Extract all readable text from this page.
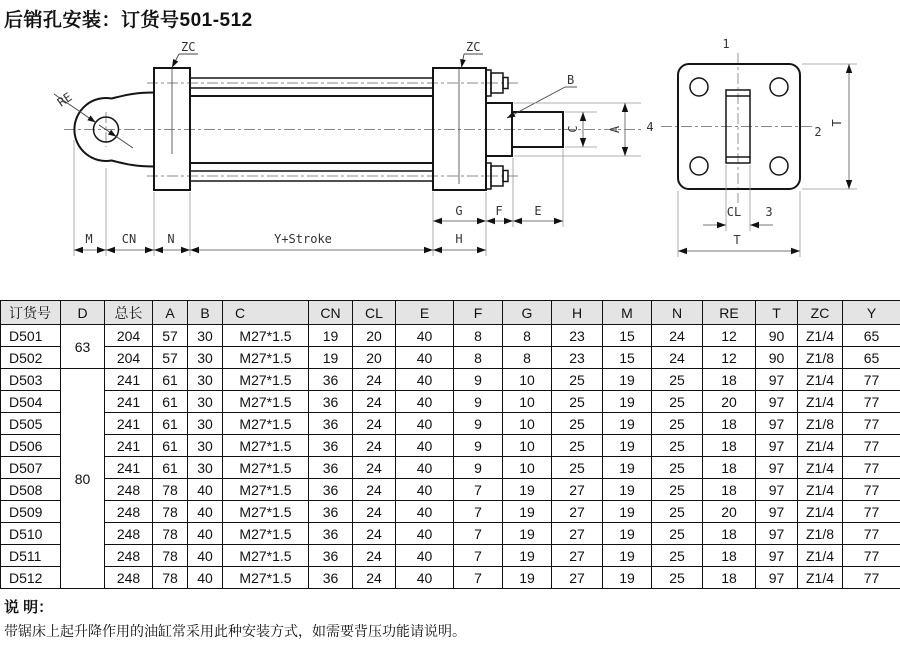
后销孔安装：订货号501-512
RE
ZC	ZC
B
G	F	E
M CN	N	Y+Stroke	H
C A
1
4	2
T
CL 3
T
订货号	D	总长	A	B	C	CN	CL	E	F	G	H	M	N	RE	T	ZC	Y
D501	63	204	57	30	M27*1.5	19	20	40	8	8	23	15	24	12	90	Z1/4	65
D502		204	57	30	M27*1.5	19	20	40	8	8	23	15	24	12	90	Z1/8	65
D503	80	241	61	30	M27*1.5	36	24	40	9	10	25	19	25	18	97	Z1/4	77
D504		241	61	30	M27*1.5	36	24	40	9	10	25	19	25	20	97	Z1/4	77
D505		241	61	30	M27*1.5	36	24	40	9	10	25	19	25	18	97	Z1/8	77
D506		241	61	30	M27*1.5	36	24	40	9	10	25	19	25	18	97	Z1/4	77
D507		241	61	30	M27*1.5	36	24	40	9	10	25	19	25	18	97	Z1/4	77
D508		248	78	40	M27*1.5	36	24	40	7	19	27	19	25	18	97	Z1/4	77
D509		248	78	40	M27*1.5	36	24	40	7	19	27	19	25	20	97	Z1/4	77
D510		248	78	40	M27*1.5	36	24	40	7	19	27	19	25	18	97	Z1/8	77
D511		248	78	40	M27*1.5	36	24	40	7	19	27	19	25	18	97	Z1/4	77
D512		248	78	40	M27*1.5	36	24	40	7	19	27	19	25	18	97	Z1/4	77
说 明：
带锯床上起升降作用的油缸常采用此种安装方式，如需要背压功能请说明。
